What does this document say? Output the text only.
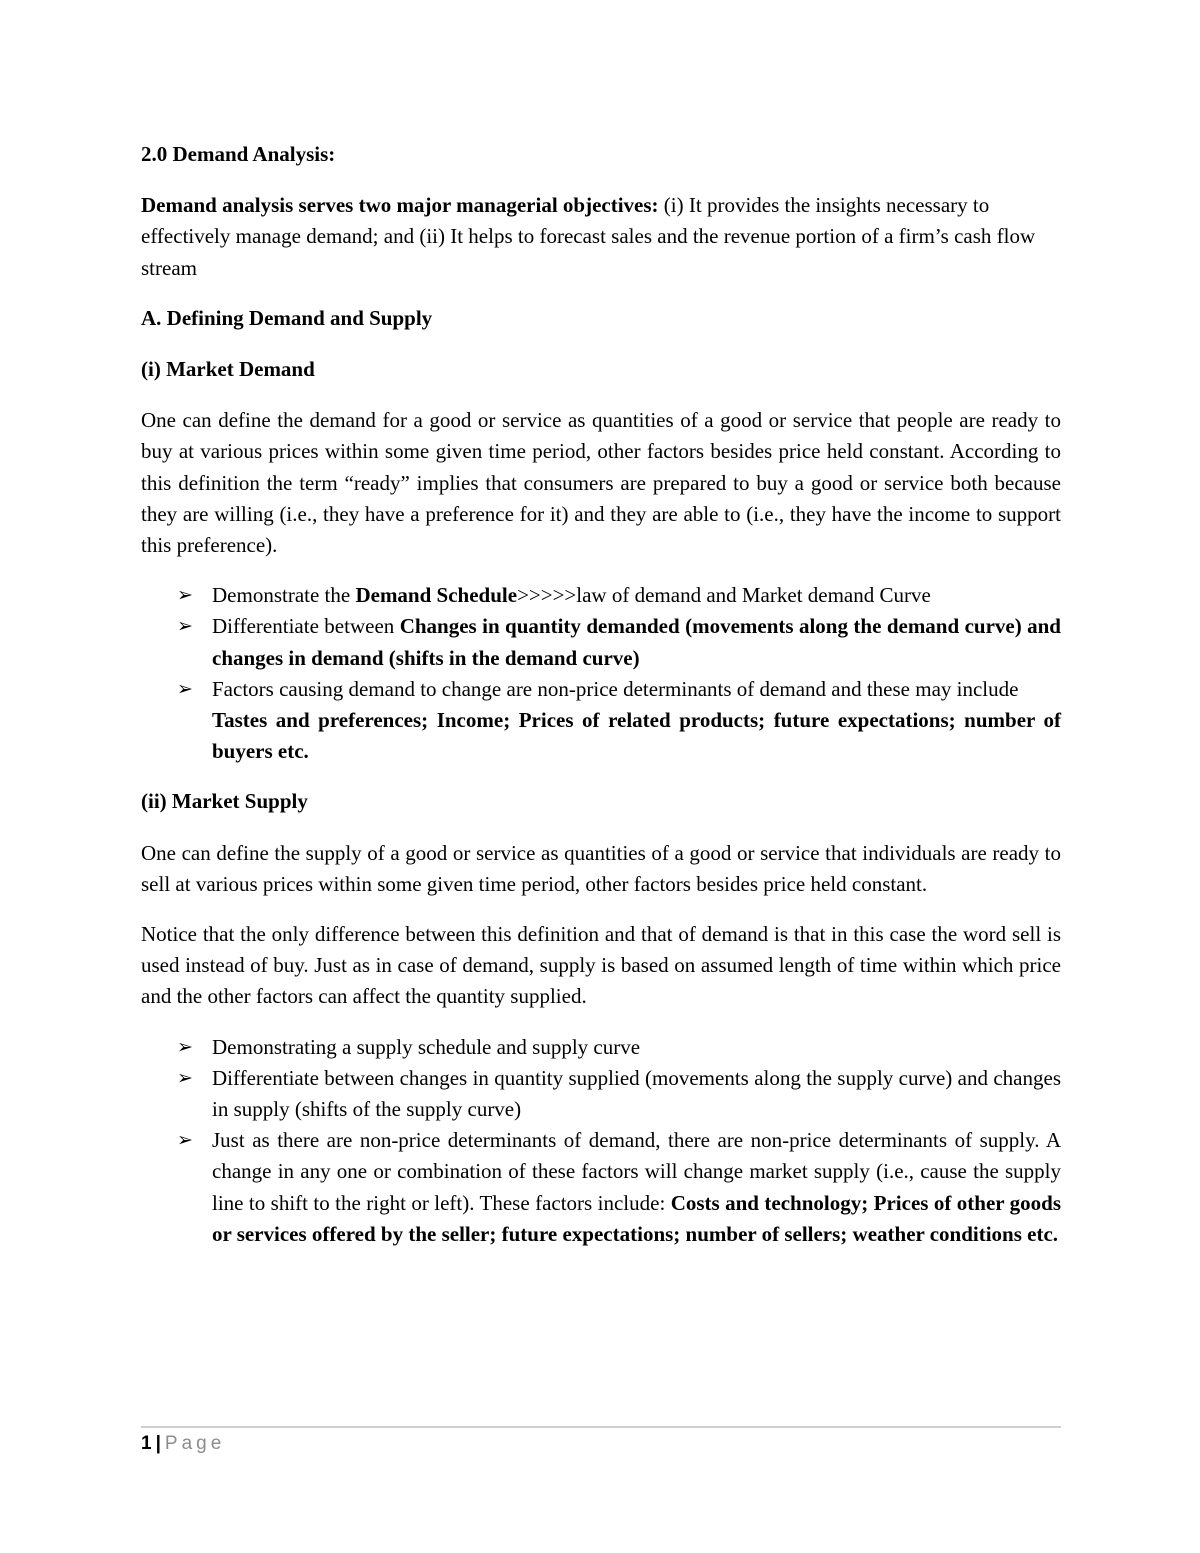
2.0 Demand Analysis:

Demand analysis serves two major managerial objectives: (i) It provides the insights necessary to effectively manage demand; and (ii) It helps to forecast sales and the revenue portion of a firm’s cash flow stream

A. Defining Demand and Supply

(i) Market Demand

One can define the demand for a good or service as quantities of a good or service that people are ready to buy at various prices within some given time period, other factors besides price held constant. According to this definition the term “ready” implies that consumers are prepared to buy a good or service both because they are willing (i.e., they have a preference for it) and they are able to (i.e., they have the income to support this preference).

➢ Demonstrate the Demand Schedule>>>>>law of demand and Market demand Curve
➢ Differentiate between Changes in quantity demanded (movements along the demand curve) and changes in demand (shifts in the demand curve)
➢ Factors causing demand to change are non-price determinants of demand and these may include
Tastes and preferences; Income; Prices of related products; future expectations; number of buyers etc.

(ii) Market Supply

One can define the supply of a good or service as quantities of a good or service that individuals are ready to sell at various prices within some given time period, other factors besides price held constant.

Notice that the only difference between this definition and that of demand is that in this case the word sell is used instead of buy. Just as in case of demand, supply is based on assumed length of time within which price and the other factors can affect the quantity supplied.

➢ Demonstrating a supply schedule and supply curve
➢ Differentiate between changes in quantity supplied (movements along the supply curve) and changes in supply (shifts of the supply curve)
➢ Just as there are non-price determinants of demand, there are non-price determinants of supply. A change in any one or combination of these factors will change market supply (i.e., cause the supply line to shift to the right or left). These factors include: Costs and technology; Prices of other goods or services offered by the seller; future expectations; number of sellers; weather conditions etc.
1 | Page
